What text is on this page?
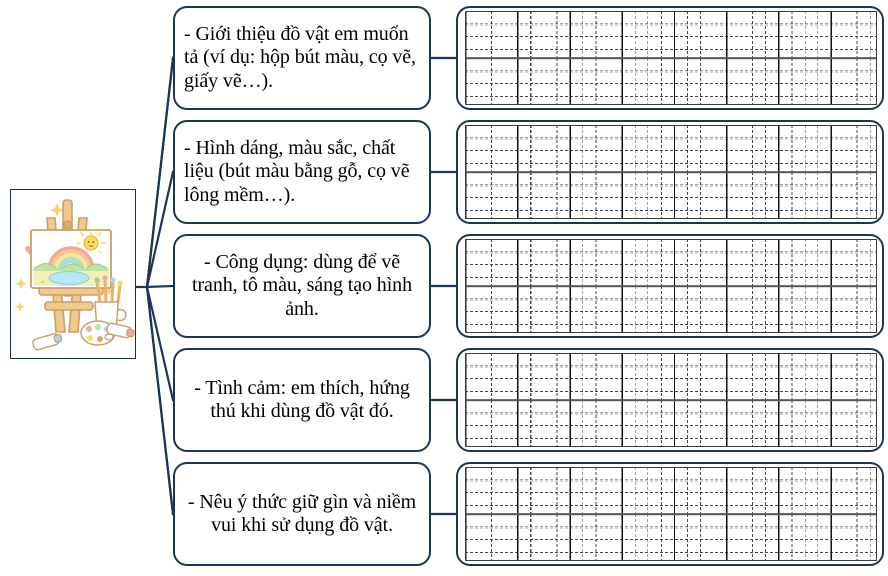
- Giới thiệu đồ vật em muốn tả (ví dụ: hộp bút màu, cọ vẽ, giấy vẽ…).
- Hình dáng, màu sắc, chất liệu (bút màu bằng gỗ, cọ vẽ lông mềm…).
- Công dụng: dùng để vẽ tranh, tô màu, sáng tạo hình ảnh.
- Tình cảm: em thích, hứng thú khi dùng đồ vật đó.
- Nêu ý thức giữ gìn và niềm vui khi sử dụng đồ vật.
